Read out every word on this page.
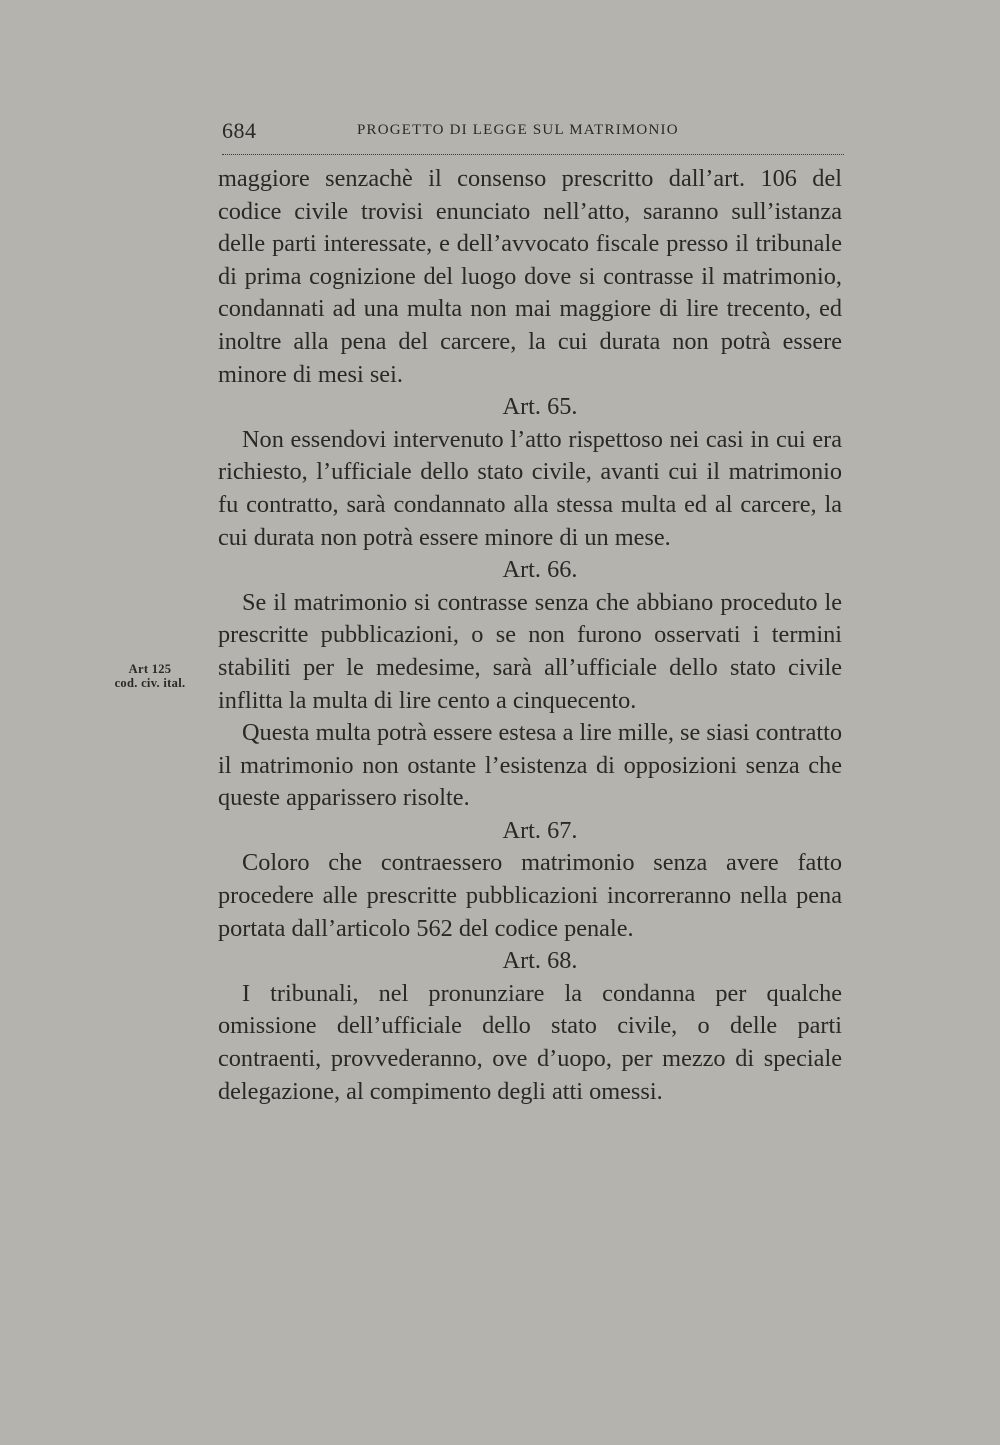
684	PROGETTO DI LEGGE SUL MATRIMONIO
Art 125
cod. civ. ital.

maggiore senzachè il consenso prescritto dall’art. 106 del codice civile trovisi enunciato nell’atto, saranno sull’istanza delle parti interessate, e dell’avvocato fiscale presso il tribunale di prima cognizione del luogo dove si contrasse il matrimonio, condannati ad una multa non mai maggiore di lire trecento, ed inoltre alla pena del carcere, la cui durata non potrà essere minore di mesi sei.

Art. 65.

Non essendovi intervenuto l’atto rispettoso nei casi in cui era richiesto, l’ufficiale dello stato civile, avanti cui il matrimonio fu contratto, sarà condannato alla stessa multa ed al carcere, la cui durata non potrà essere minore di un mese.

Art. 66.

Se il matrimonio si contrasse senza che abbiano proceduto le prescritte pubblicazioni, o se non furono osservati i termini stabiliti per le medesime, sarà all’ufficiale dello stato civile inflitta la multa di lire cento a cinquecento.

Questa multa potrà essere estesa a lire mille, se siasi contratto il matrimonio non ostante l’esistenza di opposizioni senza che queste apparissero risolte.

Art. 67.

Coloro che contraessero matrimonio senza avere fatto procedere alle prescritte pubblicazioni incorreranno nella pena portata dall’articolo 562 del codice penale.

Art. 68.

I tribunali, nel pronunziare la condanna per qualche omissione dell’ufficiale dello stato civile, o delle parti contraenti, provvederanno, ove d’uopo, per mezzo di speciale delegazione, al compimento degli atti omessi.
